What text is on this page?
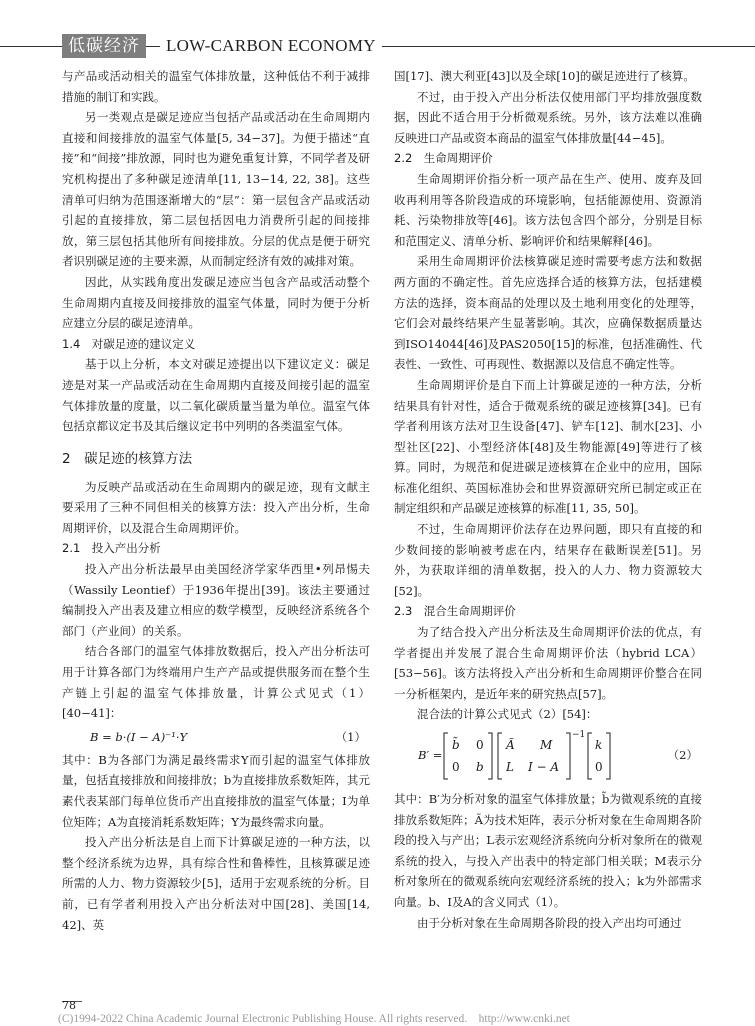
低碳经济	LOW-CARBON ECONOMY

与产品或活动相关的温室气体排放量，这种低估不利于减排措施的制订和实践。

另一类观点是碳足迹应当包括产品或活动在生命周期内直接和间接排放的温室气体量[5, 34−37]。为便于描述“直接”和“间接”排放源，同时也为避免重复计算，不同学者及研究机构提出了多种碳足迹清单[11, 13−14, 22, 38]。这些清单可归纳为范围逐渐增大的“层”：第一层包含产品或活动引起的直接排放，第二层包括因电力消费所引起的间接排放，第三层包括其他所有间接排放。分层的优点是便于研究者识别碳足迹的主要来源，从而制定经济有效的减排对策。

因此，从实践角度出发碳足迹应当包含产品或活动整个生命周期内直接及间接排放的温室气体量，同时为便于分析应建立分层的碳足迹清单。

1.4　对碳足迹的建议定义

基于以上分析，本文对碳足迹提出以下建议定义：碳足迹是对某一产品或活动在生命周期内直接及间接引起的温室气体排放量的度量，以二氧化碳质量当量为单位。温室气体包括京都议定书及其后继议定书中列明的各类温室气体。

2　碳足迹的核算方法

为反映产品或活动在生命周期内的碳足迹，现有文献主要采用了三种不同但相关的核算方法：投入产出分析，生命周期评价，以及混合生命周期评价。

2.1　投入产出分析

投入产出分析法最早由美国经济学家华西里•列昂惕夫（Wassily Leontief）于1936年提出[39]。该法主要通过编制投入产出表及建立相应的数学模型，反映经济系统各个部门（产业间）的关系。

结合各部门的温室气体排放数据后，投入产出分析法可用于计算各部门为终端用户生产产品或提供服务而在整个生产链上引起的温室气体排放量，计算公式见式（1）[40−41]：

B = b·(I − A)⁻¹·Y	（1）

其中：B为各部门为满足最终需求Y而引起的温室气体排放量，包括直接排放和间接排放；b为直接排放系数矩阵，其元素代表某部门每单位货币产出直接排放的温室气体量；I为单位矩阵；A为直接消耗系数矩阵；Y为最终需求向量。

投入产出分析法是自上而下计算碳足迹的一种方法，以整个经济系统为边界，具有综合性和鲁棒性，且核算碳足迹所需的人力、物力资源较少[5]，适用于宏观系统的分析。目前，已有学者利用投入产出分析法对中国[28]、美国[14, 42]、英

国[17]、澳大利亚[43]以及全球[10]的碳足迹进行了核算。

不过，由于投入产出分析法仅使用部门平均排放强度数据，因此不适合用于分析微观系统。另外，该方法难以准确反映进口产品或资本商品的温室气体排放量[44−45]。

2.2　生命周期评价

生命周期评价指分析一项产品在生产、使用、废弃及回收再利用等各阶段造成的环境影响，包括能源使用、资源消耗、污染物排放等[46]。该方法包含四个部分，分别是目标和范围定义、清单分析、影响评价和结果解释[46]。

采用生命周期评价法核算碳足迹时需要考虑方法和数据两方面的不确定性。首先应选择合适的核算方法，包括建模方法的选择，资本商品的处理以及土地利用变化的处理等，它们会对最终结果产生显著影响。其次，应确保数据质量达到ISO14044[46]及PAS2050[15]的标准，包括准确性、代表性、一致性、可再现性、数据源以及信息不确定性等。

生命周期评价是自下而上计算碳足迹的一种方法，分析结果具有针对性，适合于微观系统的碳足迹核算[34]。已有学者利用该方法对卫生设备[47]、铲车[12]、制水[23]、小型社区[22]、小型经济体[48]及生物能源[49]等进行了核算。同时，为规范和促进碳足迹核算在企业中的应用，国际标准化组织、英国标准协会和世界资源研究所已制定或正在制定组织和产品碳足迹核算的标准[11, 35, 50]。

不过，生命周期评价法存在边界问题，即只有直接的和少数间接的影响被考虑在内，结果存在截断误差[51]。另外，为获取详细的清单数据，投入的人力、物力资源较大[52]。

2.3　混合生命周期评价

为了结合投入产出分析法及生命周期评价法的优点，有学者提出并发展了混合生命周期评价法（hybrid LCA）[53−56]。该方法将投入产出分析和生命周期评价整合在同一分析框架内，是近年来的研究热点[57]。

混合法的计算公式见式（2）[54]：

B′ =
b̃ 0
0 b
Ã M
L I − A
−1
k
0
（2）

其中：B′为分析对象的温室气体排放量；b̃为微观系统的直接排放系数矩阵；Ã为技术矩阵，表示分析对象在生命周期各阶段的投入与产出；L表示宏观经济系统向分析对象所在的微观系统的投入，与投入产出表中的特定部门相关联；M表示分析对象所在的微观系统向宏观经济系统的投入；k为外部需求向量。b、I及A的含义同式（1）。

由于分析对象在生命周期各阶段的投入产出均可通过

78
(C)1994-2022 China Academic Journal Electronic Publishing House. All rights reserved.　http://www.cnki.net
